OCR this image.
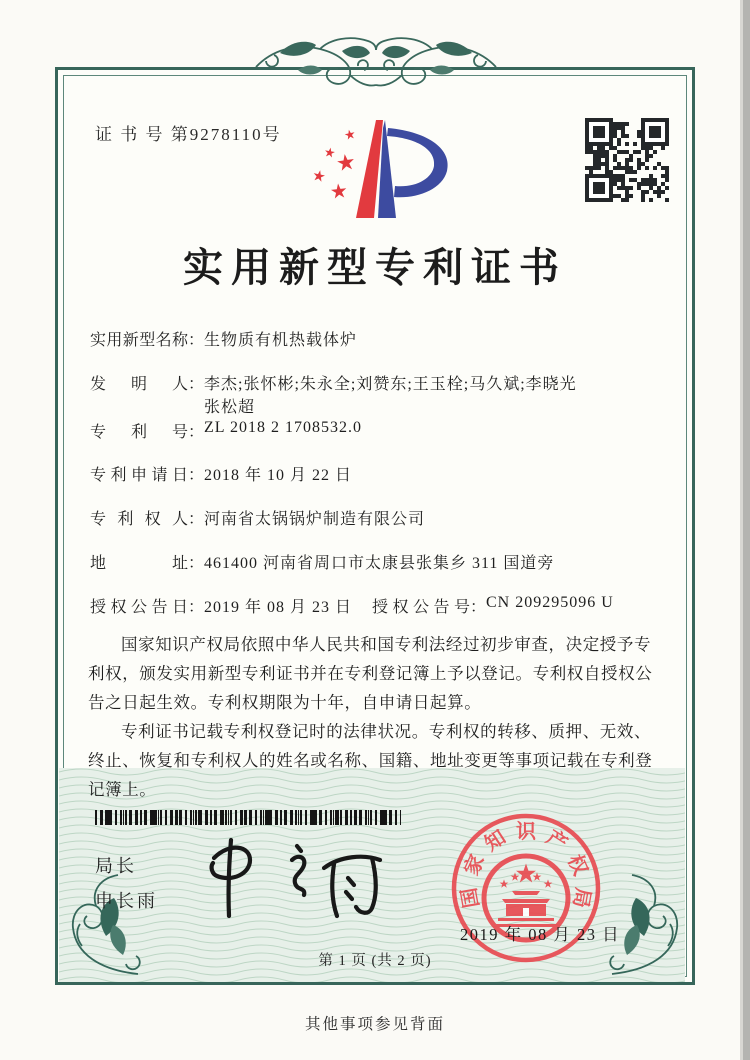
证 书 号 第9278110号	★
★
★
★
★
实用新型专利证书
实用新型名称：生物质有机热载体炉
发明人：李杰;张怀彬;朱永全;刘赞东;王玉栓;马久斌;李晓光
张松超
专利号：ZL 2018 2 1708532.0
专利申请日：2018 年 10 月 22 日
专利权人：河南省太锅锅炉制造有限公司
地址：461400 河南省周口市太康县张集乡 311 国道旁
授权公告日：2019 年 08 月 23 日 授权公告号：CN 209295096 U

国家知识产权局依照中华人民共和国专利法经过初步审查，决定授予专利权，颁发实用新型专利证书并在专利登记簿上予以登记。专利权自授权公告之日起生效。专利权期限为十年，自申请日起算。

专利证书记载专利权登记时的法律状况。专利权的转移、质押、无效、终止、恢复和专利权人的姓名或名称、国籍、地址变更等事项记载在专利登记簿上。

局长
申长雨	国
家
知 识 产
权
局
2019 年 08 月 23 日
第 1 页 (共 2 页)
其他事项参见背面
